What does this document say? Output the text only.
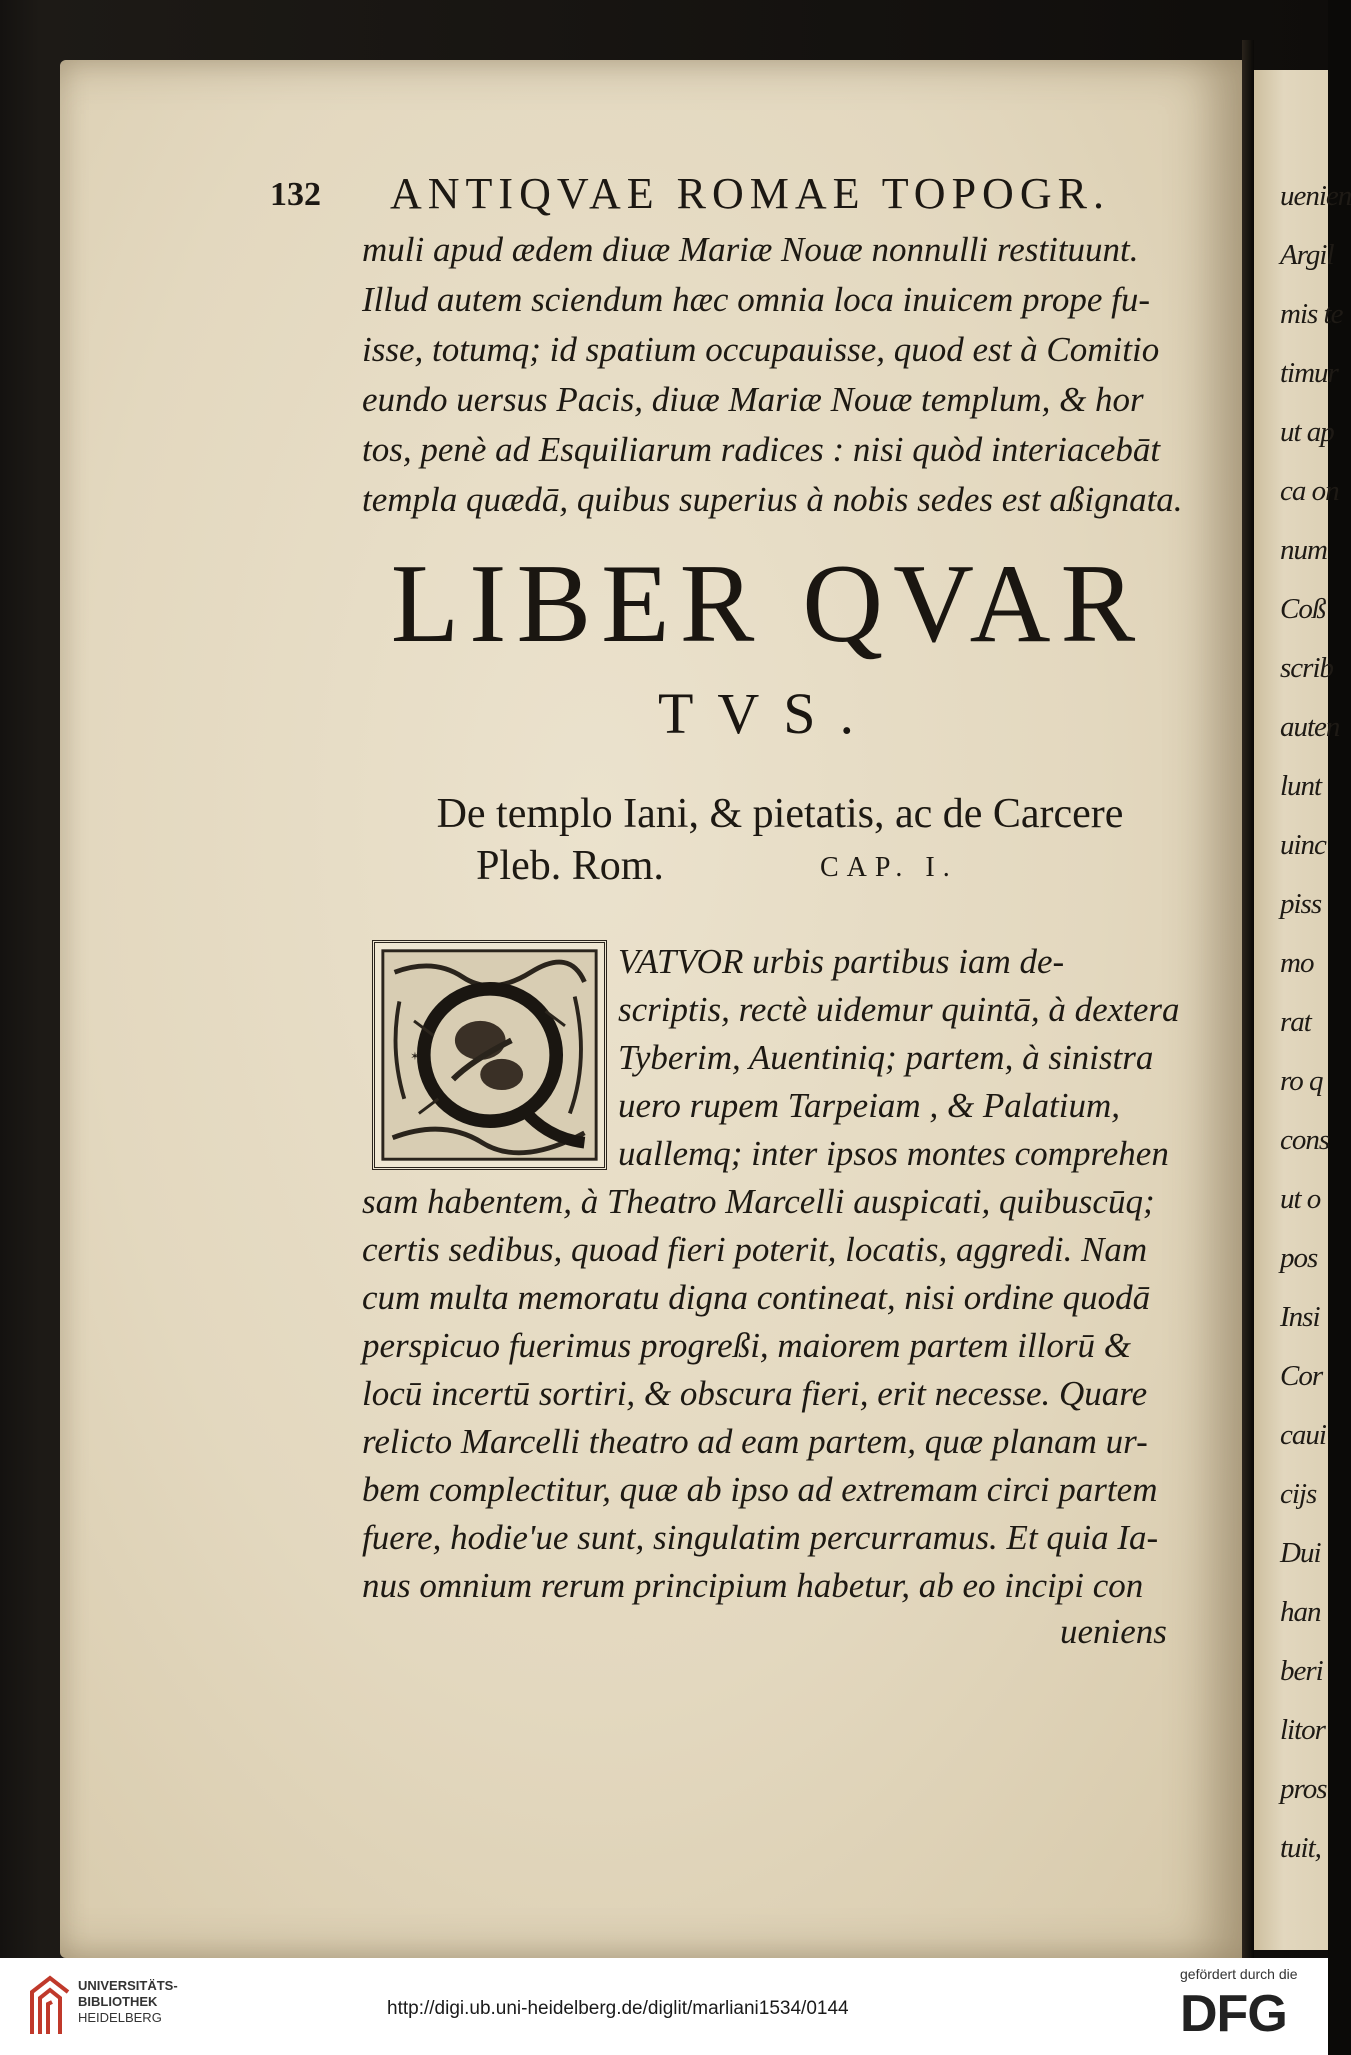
uenien
Argil
mis te
timur
ut ap
ca on
num
Coß
scrib
auten
lunt
uinc
piss
mo
rat
ro q
cons
ut o
pos
Insi
Cor
caui
cijs
Dui
han
beri
litor
pros
tuit,
132 ANTIQVAE ROMAE TOPOGR.
muli apud ædem diuæ Mariæ Nouæ nonnulli restituunt.
Illud autem sciendum hæc omnia loca inuicem prope fu-
isse, totumq; id spatium occupauisse, quod est à Comitio
eundo uersus Pacis, diuæ Mariæ Nouæ templum, & hor
tos, penè ad Esquiliarum radices : nisi quòd interiacebāt
templa quædā, quibus superius à nobis sedes est aßignata.
LIBER QVAR
TVS.
De templo Iani, & pietatis, ac de Carcere
Pleb. Rom.	CAP. I.
✶
VATVOR urbis partibus iam de-
scriptis, rectè uidemur quintā, à dextera
Tyberim, Auentiniq; partem, à sinistra
uero rupem Tarpeiam , & Palatium,
uallemq; inter ipsos montes comprehen
sam habentem, à Theatro Marcelli auspicati, quibuscūq;
certis sedibus, quoad fieri poterit, locatis, aggredi. Nam
cum multa memoratu digna contineat, nisi ordine quodā
perspicuo fuerimus progreßi, maiorem partem illorū &
locū incertū sortiri, & obscura fieri, erit necesse. Quare
relicto Marcelli theatro ad eam partem, quæ planam ur-
bem complectitur, quæ ab ipso ad extremam circi partem
fuere, hodie'ue sunt, singulatim percurramus. Et quia Ia-
nus omnium rerum principium habetur, ab eo incipi con
ueniens
UNIVERSITÄTS-
BIBLIOTHEK
HEIDELBERG	http://digi.ub.uni-heidelberg.de/diglit/marliani1534/0144
gefördert durch die
DFG
